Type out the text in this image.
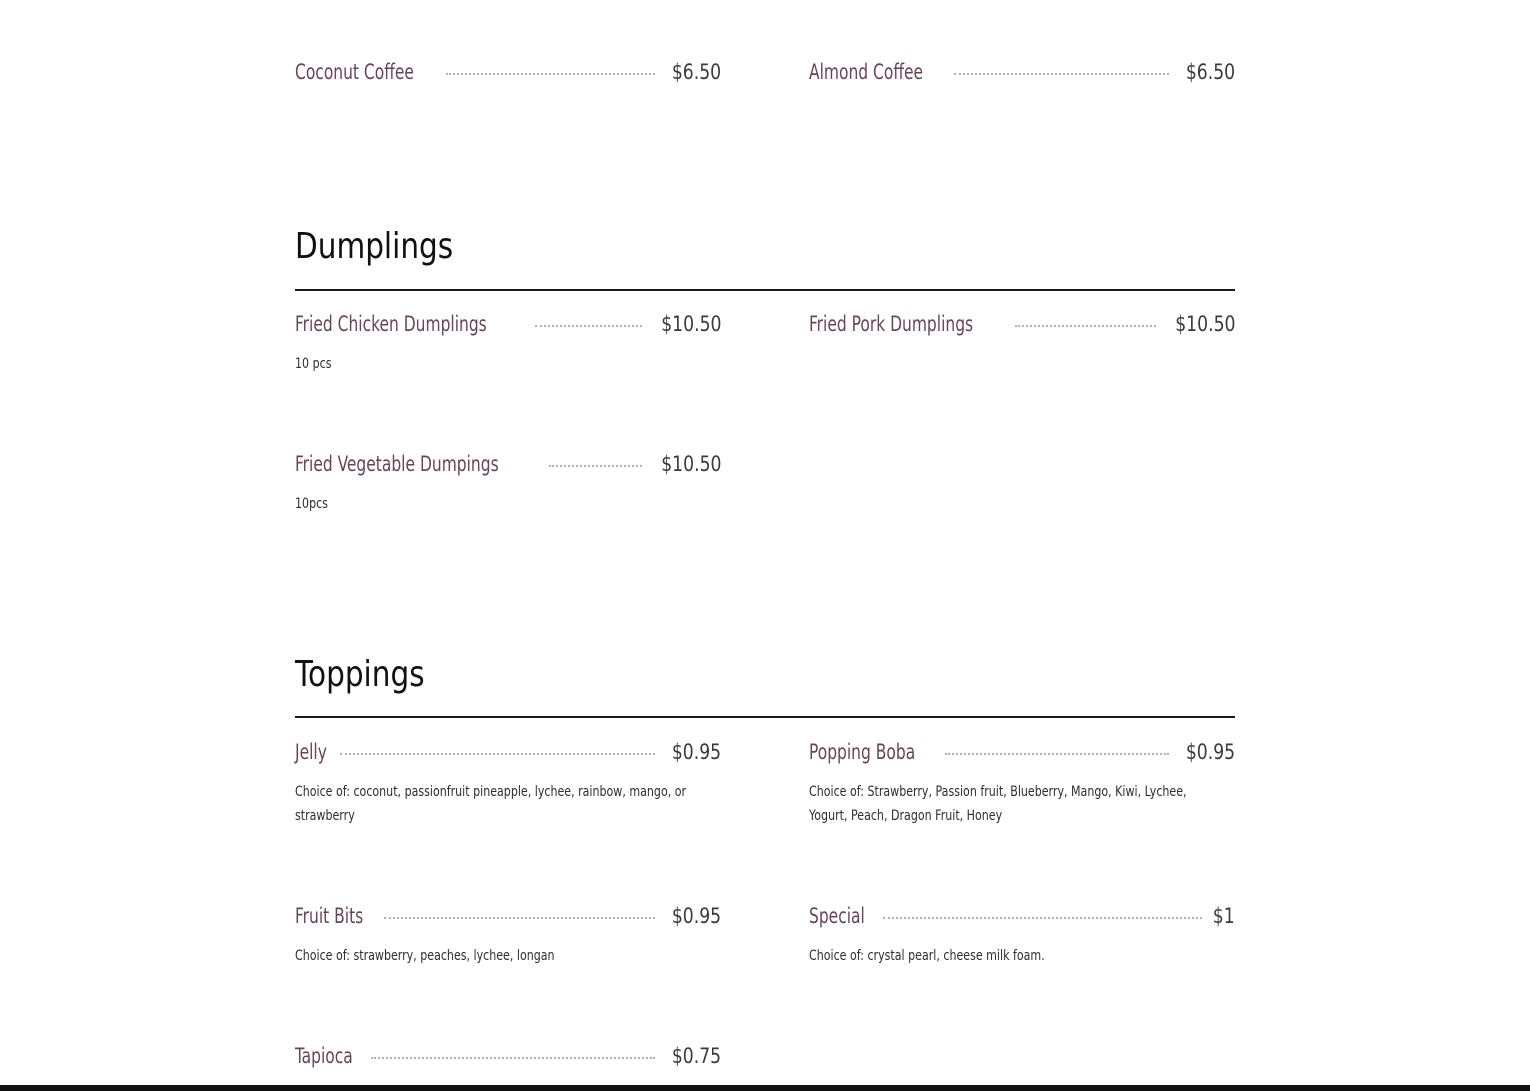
Coconut Coffee	$6.50	Almond Coffee	$6.50
Dumplings
Fried Chicken Dumplings	$10.50
10 pcs
Fried Pork Dumplings	$10.50
Fried Vegetable Dumpings	$10.50
10pcs
Toppings
Jelly	$0.95
Choice of: coconut, passionfruit pineapple, lychee, rainbow, mango, or strawberry
Popping Boba	$0.95
Choice of: Strawberry, Passion fruit, Blueberry, Mango, Kiwi, Lychee, Yogurt, Peach, Dragon Fruit, Honey
Fruit Bits	$0.95
Choice of: strawberry, peaches, lychee, longan
Special	$1
Choice of: crystal pearl, cheese milk foam.
Tapioca	$0.75
